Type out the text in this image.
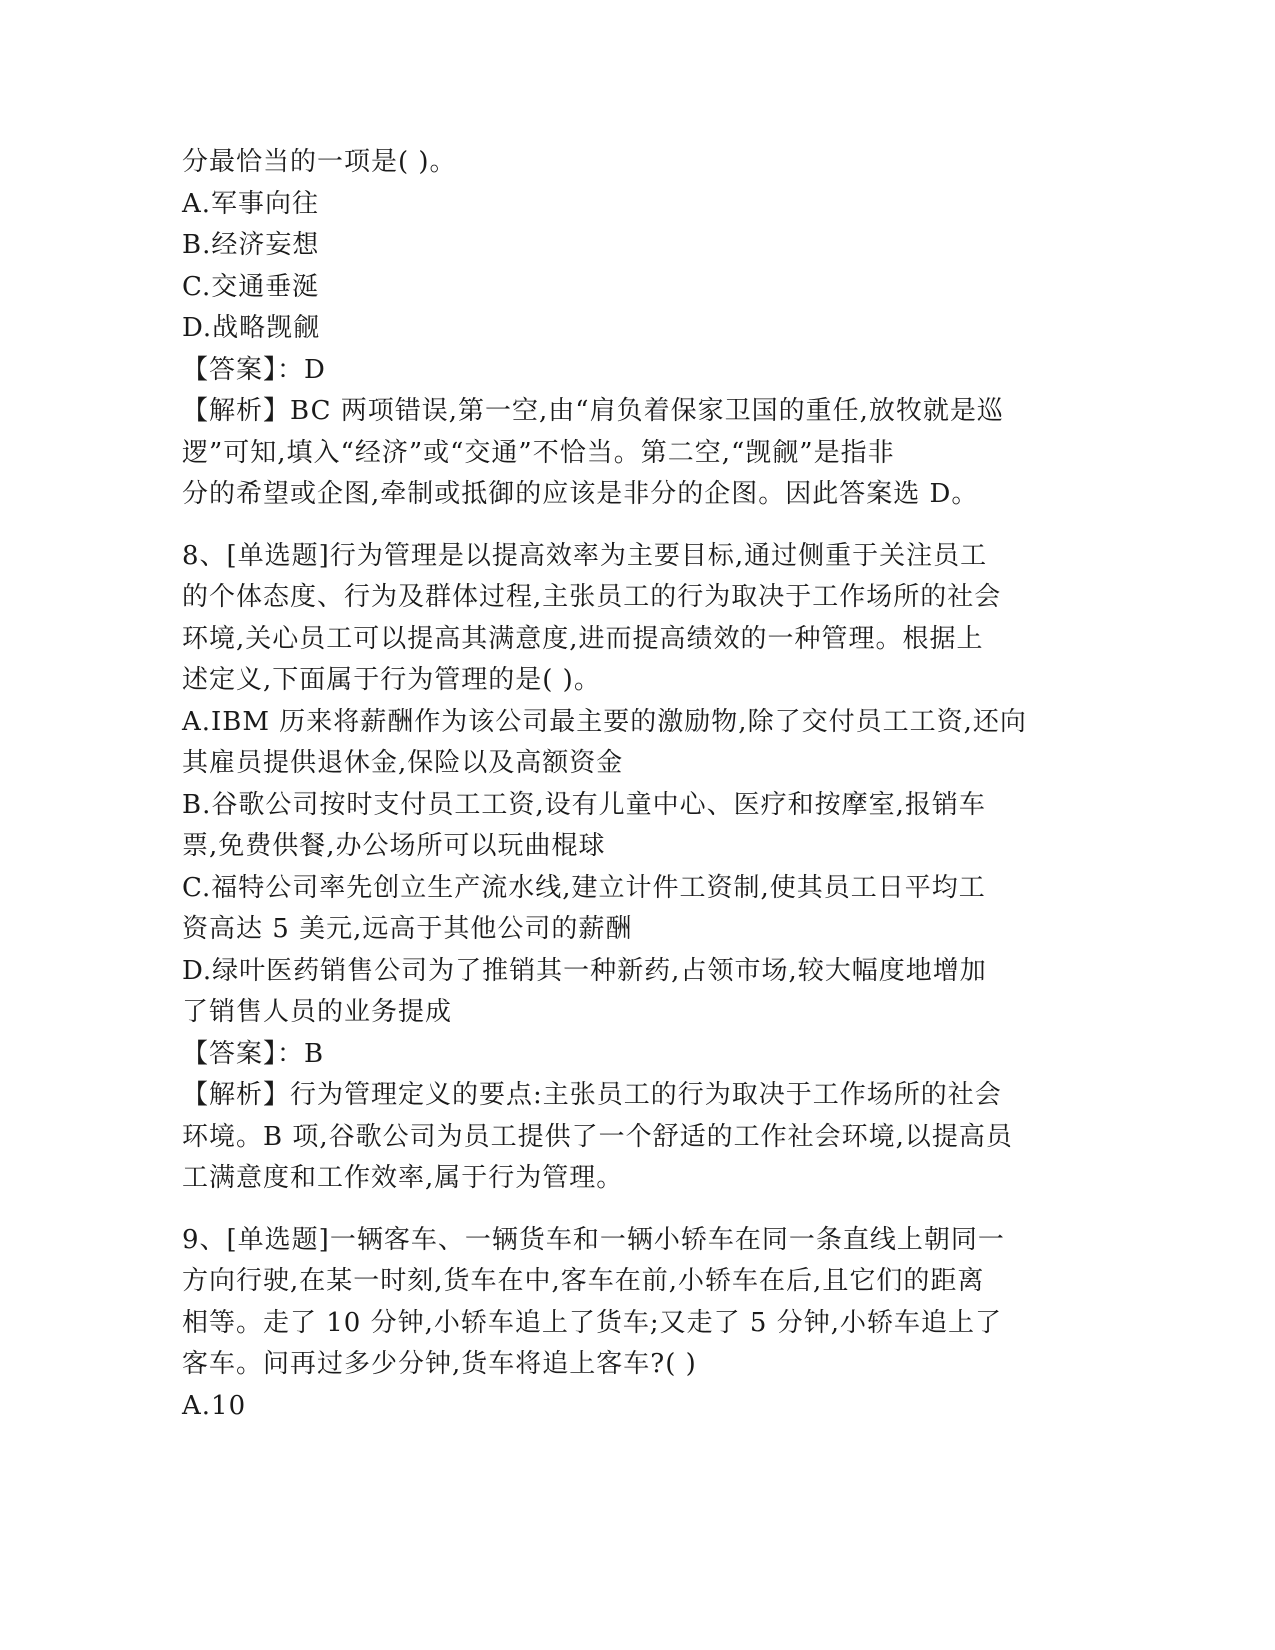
分最恰当的一项是( )。
A.军事向往
B.经济妄想
C.交通垂涎
D.战略觊觎
【答案】：D
【解析】BC 两项错误,第一空,由“肩负着保家卫国的重任,放牧就是巡
逻”可知,填入“经济”或“交通”不恰当。第二空,“觊觎”是指非
分的希望或企图,牵制或抵御的应该是非分的企图。因此答案选 D。
8、[单选题]行为管理是以提高效率为主要目标,通过侧重于关注员工
的个体态度、行为及群体过程,主张员工的行为取决于工作场所的社会
环境,关心员工可以提高其满意度,进而提高绩效的一种管理。根据上
述定义,下面属于行为管理的是( )。
A.IBM 历来将薪酬作为该公司最主要的激励物,除了交付员工工资,还向
其雇员提供退休金,保险以及高额资金
B.谷歌公司按时支付员工工资,设有儿童中心、医疗和按摩室,报销车
票,免费供餐,办公场所可以玩曲棍球
C.福特公司率先创立生产流水线,建立计件工资制,使其员工日平均工
资高达 5 美元,远高于其他公司的薪酬
D.绿叶医药销售公司为了推销其一种新药,占领市场,较大幅度地增加
了销售人员的业务提成
【答案】：B
【解析】行为管理定义的要点:主张员工的行为取决于工作场所的社会
环境。B 项,谷歌公司为员工提供了一个舒适的工作社会环境,以提高员
工满意度和工作效率,属于行为管理。
9、[单选题]一辆客车、一辆货车和一辆小轿车在同一条直线上朝同一
方向行驶,在某一时刻,货车在中,客车在前,小轿车在后,且它们的距离
相等。走了 10 分钟,小轿车追上了货车;又走了 5 分钟,小轿车追上了
客车。问再过多少分钟,货车将追上客车?( )
A.10
